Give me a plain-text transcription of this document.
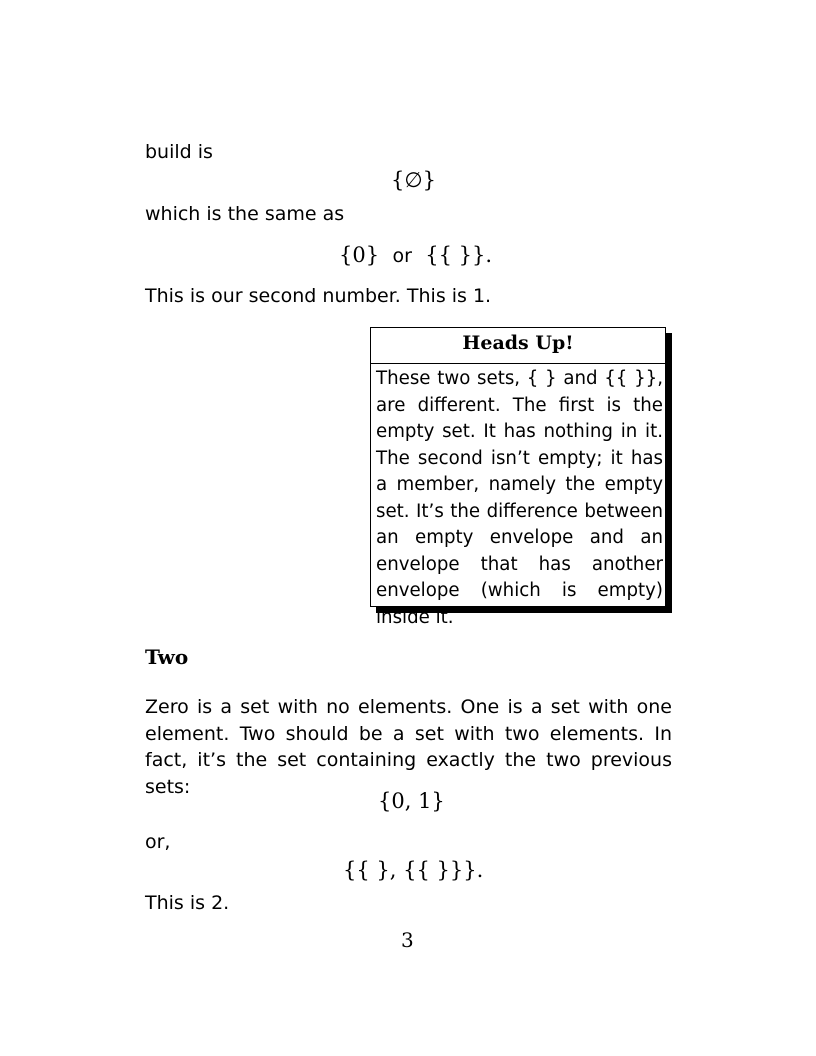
build is
{∅}
which is the same as
{0} or {{ }}.
This is our second number. This is 1.
Heads Up!
These two sets, { } and {{ }}, are different. The first is the empty set. It has nothing in it. The second isn’t empty; it has a member, namely the empty set. It’s the difference between an empty envelope and an envelope that has another envelope (which is empty) inside it.
Two
Zero is a set with no elements. One is a set with one element. Two should be a set with two elements. In fact, it’s the set containing exactly the two previous sets:
{0, 1}
or,
{{ }, {{ }}}.
This is 2.
3
